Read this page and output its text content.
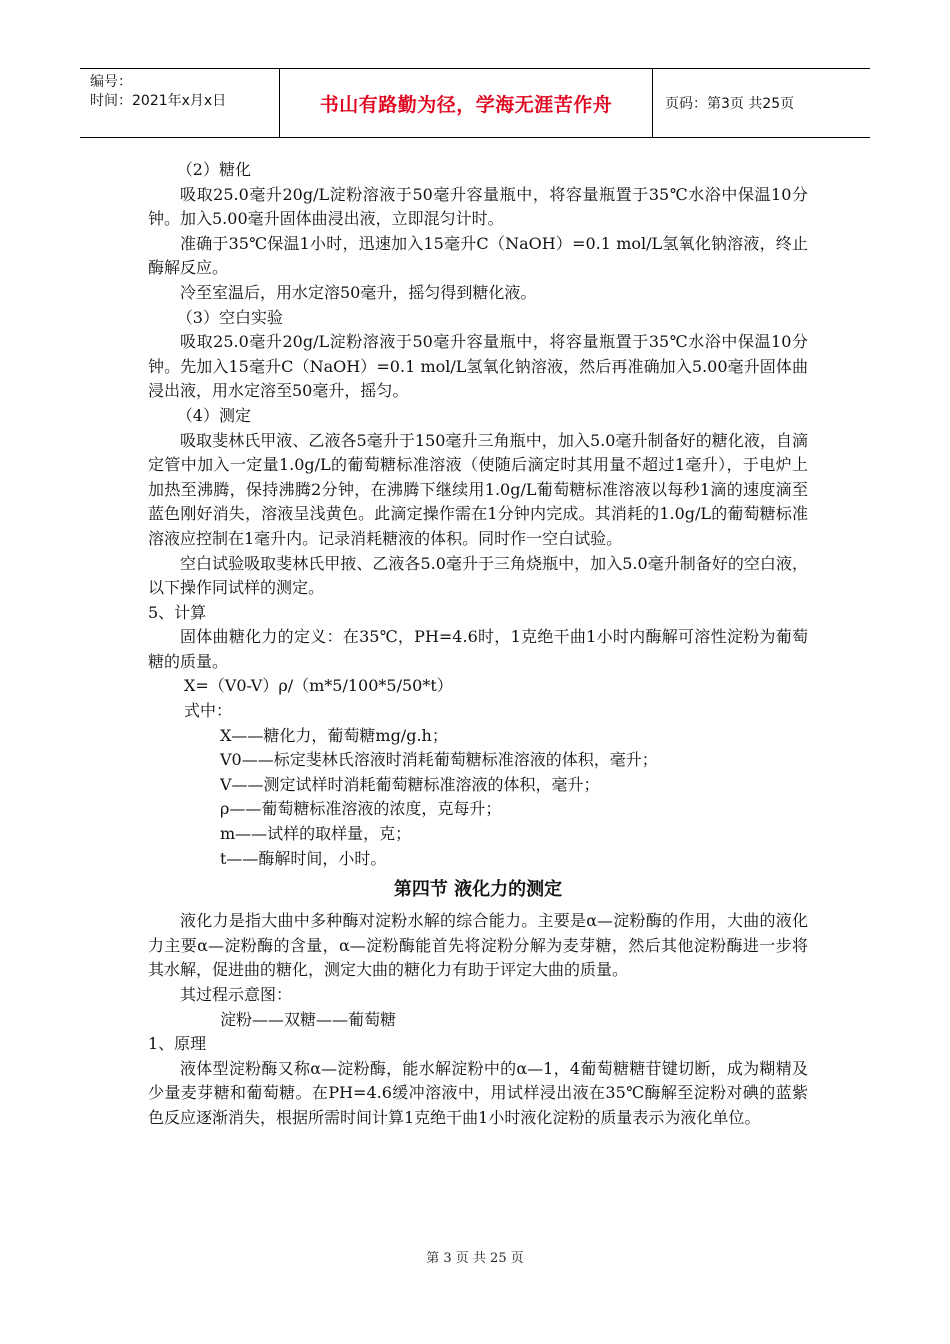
编号：
时间：2021年x月x日	书山有路勤为径，学海无涯苦作舟	页码：第3页 共25页

（2）糖化

吸取25.0毫升20g/L淀粉溶液于50毫升容量瓶中，将容量瓶置于35℃水浴中保温10分钟。加入5.00毫升固体曲浸出液，立即混匀计时。

准确于35℃保温1小时，迅速加入15毫升C（NaOH）=0.1 mol/L氢氧化钠溶液，终止酶解反应。

冷至室温后，用水定溶50毫升，摇匀得到糖化液。

（3）空白实验

吸取25.0毫升20g/L淀粉溶液于50毫升容量瓶中，将容量瓶置于35℃水浴中保温10分钟。先加入15毫升C（NaOH）=0.1 mol/L氢氧化钠溶液，然后再准确加入5.00毫升固体曲浸出液，用水定溶至50毫升，摇匀。

（4）测定

吸取斐林氏甲液、乙液各5毫升于150毫升三角瓶中，加入5.0毫升制备好的糖化液，自滴定管中加入一定量1.0g/L的葡萄糖标准溶液（使随后滴定时其用量不超过1毫升），于电炉上加热至沸腾，保持沸腾2分钟，在沸腾下继续用1.0g/L葡萄糖标准溶液以每秒1滴的速度滴至蓝色刚好消失，溶液呈浅黄色。此滴定操作需在1分钟内完成。其消耗的1.0g/L的葡萄糖标准溶液应控制在1毫升内。记录消耗糖液的体积。同时作一空白试验。

空白试验吸取斐林氏甲掖、乙液各5.0毫升于三角烧瓶中，加入5.0毫升制备好的空白液，以下操作同试样的测定。

5、计算

固体曲糖化力的定义：在35℃，PH=4.6时，1克绝干曲1小时内酶解可溶性淀粉为葡萄糖的质量。

X=（V0-V）ρ/（m*5/100*5/50*t）

式中：

X——糖化力，葡萄糖mg/g.h；

V0——标定斐林氏溶液时消耗葡萄糖标准溶液的体积，毫升；

V——测定试样时消耗葡萄糖标准溶液的体积，毫升；

ρ——葡萄糖标准溶液的浓度，克每升；

m——试样的取样量，克；

t——酶解时间，小时。

第四节 液化力的测定

液化力是指大曲中多种酶对淀粉水解的综合能力。主要是α—淀粉酶的作用，大曲的液化力主要α—淀粉酶的含量，α—淀粉酶能首先将淀粉分解为麦芽糖，然后其他淀粉酶进一步将其水解，促进曲的糖化，测定大曲的糖化力有助于评定大曲的质量。

其过程示意图：

淀粉——双糖——葡萄糖

1、原理

液体型淀粉酶又称α—淀粉酶，能水解淀粉中的α—1，4葡萄糖糖苷键切断，成为糊精及少量麦芽糖和葡萄糖。在PH=4.6缓冲溶液中，用试样浸出液在35℃酶解至淀粉对碘的蓝紫色反应逐渐消失，根据所需时间计算1克绝干曲1小时液化淀粉的质量表示为液化单位。

第 3 页 共 25 页
